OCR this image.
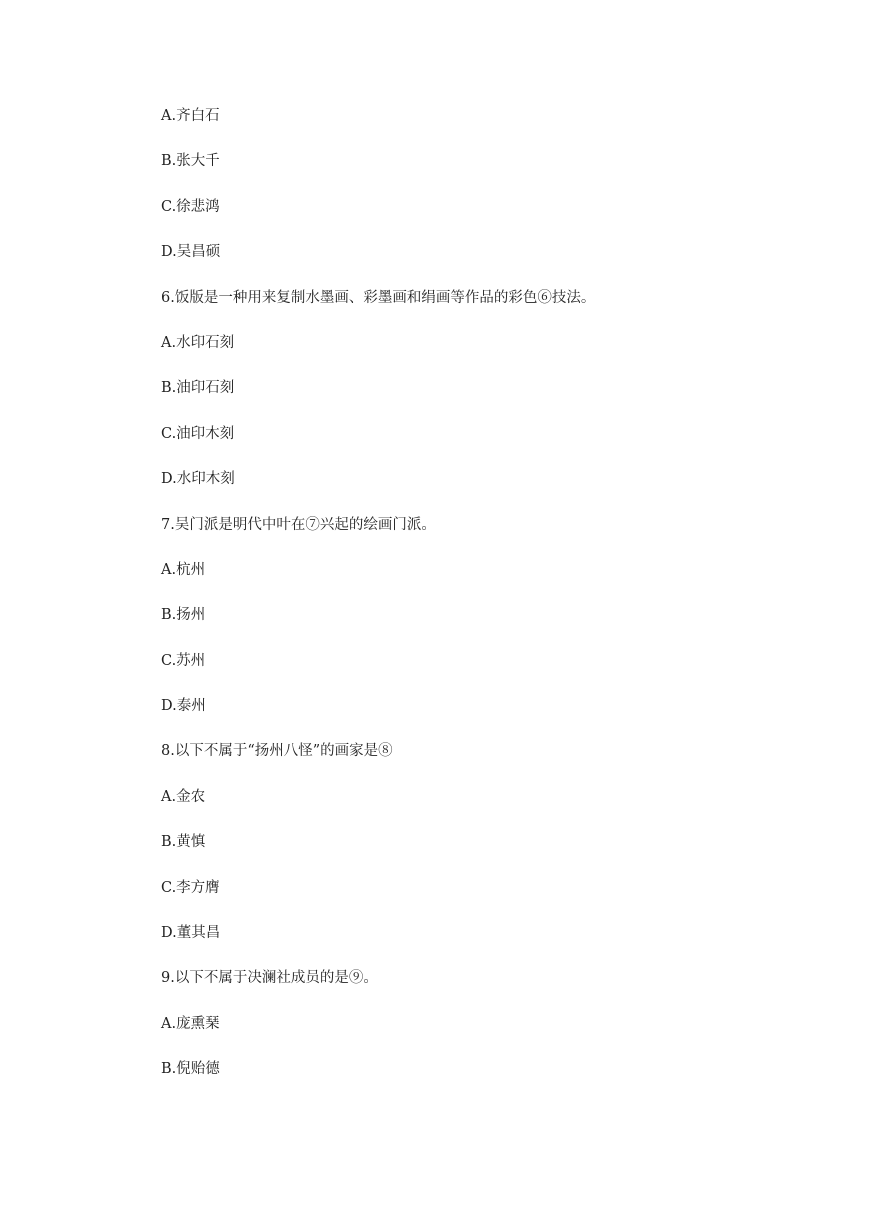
A.齐白石
B.张大千
C.徐悲鸿
D.吴昌硕
6.饭版是一种用来复制水墨画、彩墨画和绢画等作品的彩色⑥技法。
A.水印石刻
B.油印石刻
C.油印木刻
D.水印木刻
7.吴门派是明代中叶在⑦兴起的绘画门派。
A.杭州
B.扬州
C.苏州
D.泰州
8.以下不属于“扬州八怪”的画家是⑧
A.金农
B.黄慎
C.李方膺
D.董其昌
9.以下不属于决澜社成员的是⑨。
A.庞熏琹
B.倪贻德
